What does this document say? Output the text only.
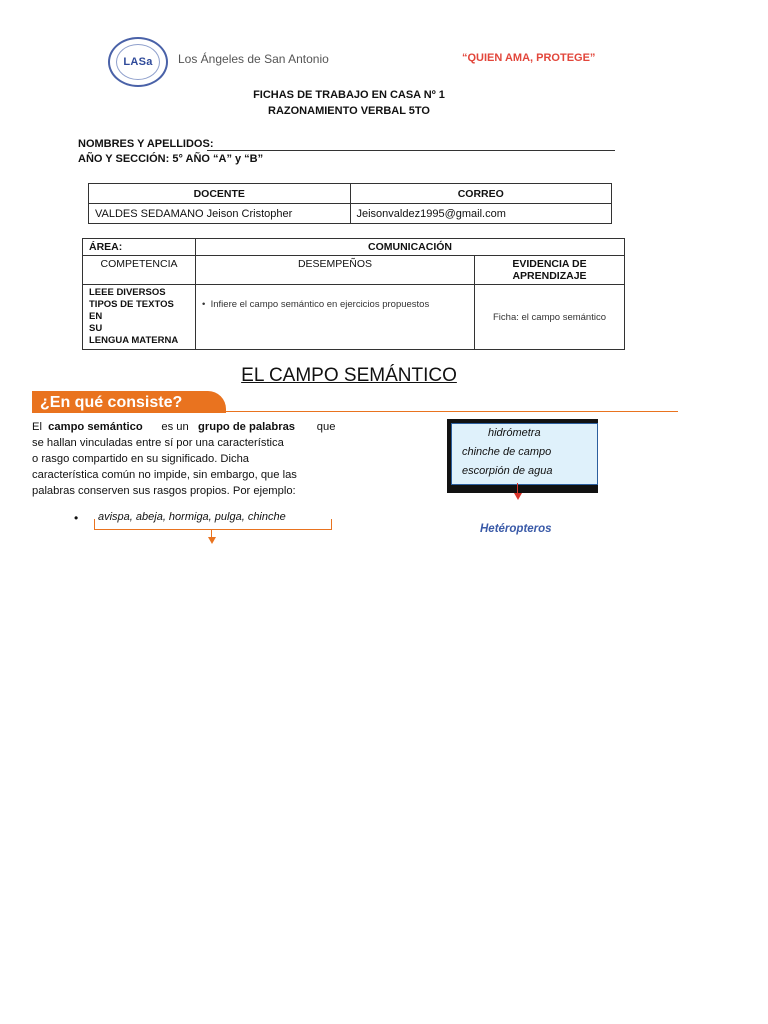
LASa	Los Ángeles de San Antonio	“QUIEN AMA, PROTEGE”
FICHAS DE TRABAJO EN CASA Nº 1
RAZONAMIENTO VERBAL 5TO
NOMBRES Y APELLIDOS:
AÑO Y SECCIÓN: 5° AÑO “A” y “B”
DOCENTE	CORREO
VALDES SEDAMANO Jeison Cristopher	Jeisonvaldez1995@gmail.com
ÁREA:	COMUNICACIÓN	
COMPETENCIA	DESEMPEÑOS	EVIDENCIA DE APRENDIZAJE

LEEE DIVERSOS
TIPOS DE TEXTOS EN
SU
LENGUA MATERNA	•  Infiere el campo semántico en ejercicios propuestos	Ficha: el campo semántico
EL CAMPO SEMÁNTICO
¿En qué consiste?
El campo semántico es un grupo de palabras que
se hallan vinculadas entre sí por una característica
o rasgo compartido en su significado. Dicha
característica común no impide, sin embargo, que las
palabras conserven sus rasgos propios. Por ejemplo:
• avispa, abeja, hormiga, pulga, chinche
hidrómetra
chinche de campo
escorpión de agua
Hetéropteros
